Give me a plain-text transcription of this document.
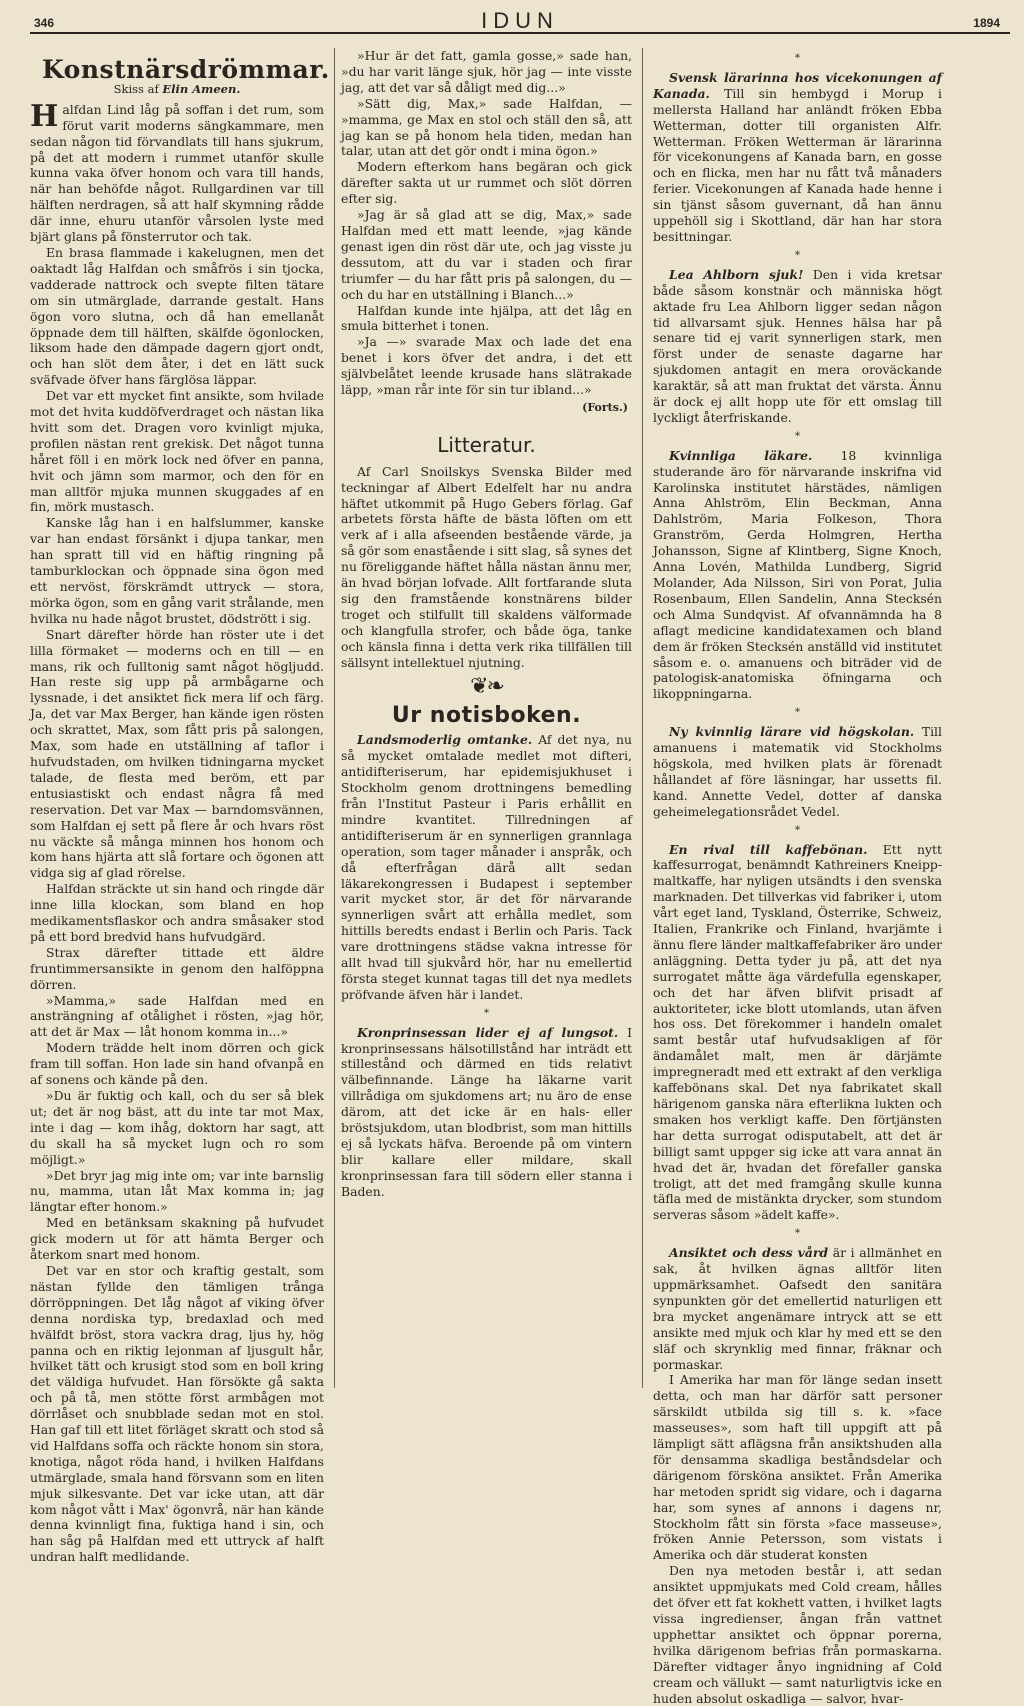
346	IDUN	1894
Konstnärsdrömmar.
Skiss af Elin Ameen.

Halfdan Lind låg på soffan i det rum, som förut varit moderns sängkammare, men sedan någon tid förvandlats till hans sjukrum, på det att modern i rummet utanför skulle kunna vaka öfver honom och vara till hands, när han behöfde något. Rullgardinen var till hälften nerdragen, så att half skymning rådde där inne, ehuru utanför vårsolen lyste med bjärt glans på fönsterrutor och tak.

En brasa flammade i kakelugnen, men det oaktadt låg Halfdan och småfrös i sin tjocka, vadderade nattrock och svepte filten tätare om sin utmärglade, darrande gestalt. Hans ögon voro slutna, och då han emellanåt öppnade dem till hälften, skälfde ögonlocken, liksom hade den dämpade dagern gjort ondt, och han slöt dem åter, i det en lätt suck sväfvade öfver hans färglösa läppar.

Det var ett mycket fint ansikte, som hvilade mot det hvita kuddöfverdraget och nästan lika hvitt som det. Dragen voro kvinligt mjuka, profilen nästan rent grekisk. Det något tunna håret föll i en mörk lock ned öfver en panna, hvit och jämn som marmor, och den för en man alltför mjuka munnen skuggades af en fin, mörk mustasch.

Kanske låg han i en halfslummer, kanske var han endast försänkt i djupa tankar, men han spratt till vid en häftig ringning på tamburklockan och öppnade sina ögon med ett nervöst, förskrämdt uttryck — stora, mörka ögon, som en gång varit strålande, men hvilka nu hade något brustet, dödstrött i sig.

Snart därefter hörde han röster ute i det lilla förmaket — moderns och en till — en mans, rik och fulltonig samt något högljudd. Han reste sig upp på armbågarne och lyssnade, i det ansiktet fick mera lif och färg. Ja, det var Max Berger, han kände igen rösten och skrattet, Max, som fått pris på salongen, Max, som hade en utställning af taflor i hufvudstaden, om hvilken tidningarna mycket talade, de flesta med beröm, ett par entusiastiskt och endast några få med reservation. Det var Max — barndomsvännen, som Halfdan ej sett på flere år och hvars röst nu väckte så många minnen hos honom och kom hans hjärta att slå fortare och ögonen att vidga sig af glad rörelse.

Halfdan sträckte ut sin hand och ringde där inne lilla klockan, som bland en hop medikamentsflaskor och andra småsaker stod på ett bord bredvid hans hufvudgärd.

Strax därefter tittade ett äldre fruntimmersansikte in genom den halföppna dörren.

»Mamma,» sade Halfdan med en ansträngning af otålighet i rösten, »jag hör, att det är Max — låt honom komma in...»

Modern trädde helt inom dörren och gick fram till soffan. Hon lade sin hand ofvanpå en af sonens och kände på den.

»Du är fuktig och kall, och du ser så blek ut; det är nog bäst, att du inte tar mot Max, inte i dag — kom ihåg, doktorn har sagt, att du skall ha så mycket lugn och ro som möjligt.»

»Det bryr jag mig inte om; var inte barnslig nu, mamma, utan låt Max komma in; jag längtar efter honom.»

Med en betänksam skakning på hufvudet gick modern ut för att hämta Berger och återkom snart med honom.

Det var en stor och kraftig gestalt, som nästan fyllde den tämligen trånga dörröppningen. Det låg något af viking öfver denna nordiska typ, bredaxlad och med hvälfdt bröst, stora vackra drag, ljus hy, hög panna och en riktig lejonman af ljusgult hår, hvilket tätt och krusigt stod som en boll kring det väldiga hufvudet. Han försökte gå sakta och på tå, men stötte först armbågen mot dörrlåset och snubblade sedan mot en stol. Han gaf till ett litet förläget skratt och stod så vid Halfdans soffa och räckte honom sin stora, knotiga, något röda hand, i hvilken Halfdans utmärglade, smala hand försvann som en liten mjuk silkesvante. Det var icke utan, att där kom något vått i Max' ögonvrå, när han kände denna kvinnligt fina, fuktiga hand i sin, och han såg på Halfdan med ett uttryck af halft undran halft medlidande.

»Hur är det fatt, gamla gosse,» sade han, »du har varit länge sjuk, hör jag — inte visste jag, att det var så dåligt med dig...»

»Sätt dig, Max,» sade Halfdan, — »mamma, ge Max en stol och ställ den så, att jag kan se på honom hela tiden, medan han talar, utan att det gör ondt i mina ögon.»

Modern efterkom hans begäran och gick därefter sakta ut ur rummet och slöt dörren efter sig.

»Jag är så glad att se dig, Max,» sade Halfdan med ett matt leende, »jag kände genast igen din röst där ute, och jag visste ju dessutom, att du var i staden och firar triumfer — du har fått pris på salongen, du — och du har en utställning i Blanch...»

Halfdan kunde inte hjälpa, att det låg en smula bitterhet i tonen.

»Ja —» svarade Max och lade det ena benet i kors öfver det andra, i det ett självbelåtet leende krusade hans slätrakade läpp, »man rår inte för sin tur ibland...»

(Forts.)
Litteratur.

Af Carl Snoilskys Svenska Bilder med teckningar af Albert Edelfelt har nu andra häftet utkommit på Hugo Gebers förlag. Gaf arbetets första häfte de bästa löften om ett verk af i alla afseenden bestående värde, ja så gör som enastående i sitt slag, så synes det nu föreliggande häftet hålla nästan ännu mer, än hvad början lofvade. Allt fortfarande sluta sig den framstående konstnärens bilder troget och stilfullt till skaldens välformade och klangfulla strofer, och både öga, tanke och känsla finna i detta verk rika tillfällen till sällsynt intellektuel njutning.

❦❧
Ur notisboken.

Landsmoderlig omtanke. Af det nya, nu så mycket omtalade medlet mot difteri, antidifteriserum, har epidemisjukhuset i Stockholm genom drottningens bemedling från l'Institut Pasteur i Paris erhållit en mindre kvantitet. Tillredningen af antidifteriserum är en synnerligen grannlaga operation, som tager månader i anspråk, och då efterfrågan därå allt sedan läkarekongressen i Budapest i september varit mycket stor, är det för närvarande synnerligen svårt att erhålla medlet, som hittills beredts endast i Berlin och Paris. Tack vare drottningens städse vakna intresse för allt hvad till sjukvård hör, har nu emellertid första steget kunnat tagas till det nya medlets pröfvande äfven här i landet.

*

Kronprinsessan lider ej af lungsot. I kronprinsessans hälsotillstånd har inträdt ett stillestånd och därmed en tids relativt välbefinnande. Länge ha läkarne varit villrådiga om sjukdomens art; nu äro de ense därom, att det icke är en hals- eller bröstsjukdom, utan blodbrist, som man hittills ej så lyckats häfva. Beroende på om vintern blir kallare eller mildare, skall kronprinsessan fara till södern eller stanna i Baden.

*

Svensk lärarinna hos vicekonungen af Kanada. Till sin hembygd i Morup i mellersta Halland har anländt fröken Ebba Wetterman, dotter till organisten Alfr. Wetterman. Fröken Wetterman är lärarinna för vicekonungens af Kanada barn, en gosse och en flicka, men har nu fått två månaders ferier. Vicekonungen af Kanada hade henne i sin tjänst såsom guvernant, då han ännu uppehöll sig i Skottland, där han har stora besittningar.

*

Lea Ahlborn sjuk! Den i vida kretsar både såsom konstnär och människa högt aktade fru Lea Ahlborn ligger sedan någon tid allvarsamt sjuk. Hennes hälsa har på senare tid ej varit synnerligen stark, men först under de senaste dagarne har sjukdomen antagit en mera oroväckande karaktär, så att man fruktat det värsta. Ännu är dock ej allt hopp ute för ett omslag till lyckligt återfriskande.

*

Kvinnliga läkare. 18 kvinnliga studerande äro för närvarande inskrifna vid Karolinska institutet härstädes, nämligen Anna Ahlström, Elin Beckman, Anna Dahlström, Maria Folkeson, Thora Granström, Gerda Holmgren, Hertha Johansson, Signe af Klintberg, Signe Knoch, Anna Lovén, Mathilda Lundberg, Sigrid Molander, Ada Nilsson, Siri von Porat, Julia Rosenbaum, Ellen Sandelin, Anna Stecksén och Alma Sundqvist. Af ofvannämnda ha 8 aflagt medicine kandidatexamen och bland dem är fröken Stecksén anställd vid institutet såsom e. o. amanuens och biträder vid de patologisk-anatomiska öfningarna och likoppningarna.

*

Ny kvinnlig lärare vid högskolan. Till amanuens i matematik vid Stockholms högskola, med hvilken plats är förenadt hållandet af före läsningar, har ussetts fil. kand. Annette Vedel, dotter af danska geheimelegationsrådet Vedel.

*

En rival till kaffebönan. Ett nytt kaffesurrogat, benämndt Kathreiners Kneipp-maltkaffe, har nyligen utsändts i den svenska marknaden. Det tillverkas vid fabriker i, utom vårt eget land, Tyskland, Österrike, Schweiz, Italien, Frankrike och Finland, hvarjämte i ännu flere länder maltkaffefabriker äro under anläggning. Detta tyder ju på, att det nya surrogatet måtte äga värdefulla egenskaper, och det har äfven blifvit prisadt af auktoriteter, icke blott utomlands, utan äfven hos oss. Det förekommer i handeln omalet samt består utaf hufvudsakligen af för ändamålet malt, men är därjämte impregneradt med ett extrakt af den verkliga kaffebönans skal. Det nya fabrikatet skall härigenom ganska nära efterlikna lukten och smaken hos verkligt kaffe. Den förtjänsten har detta surrogat odisputabelt, att det är billigt samt uppger sig icke att vara annat än hvad det är, hvadan det förefaller ganska troligt, att det med framgång skulle kunna täfla med de mistänkta drycker, som stundom serveras såsom »ädelt kaffe».

*

Ansiktet och dess vård är i allmänhet en sak, åt hvilken ägnas alltför liten uppmärksamhet. Oafsedt den sanitära synpunkten gör det emellertid naturligen ett bra mycket angenämare intryck att se ett ansikte med mjuk och klar hy med ett se den släf och skrynklig med finnar, fräknar och pormaskar.

I Amerika har man för länge sedan insett detta, och man har därför satt personer särskildt utbilda sig till s. k. »face masseuses», som haft till uppgift att på lämpligt sätt aflägsna från ansiktshuden alla för densamma skadliga beståndsdelar och därigenom försköna ansiktet. Från Amerika har metoden spridt sig vidare, och i dagarna har, som synes af annons i dagens nr, Stockholm fått sin första »face masseuse», fröken Annie Petersson, som vistats i Amerika och där studerat konsten

Den nya metoden består i, att sedan ansiktet uppmjukats med Cold cream, hålles det öfver ett fat kokhett vatten, i hvilket lagts vissa ingredienser, ångan från vattnet upphettar ansiktet och öppnar porerna, hvilka därigenom befrias från pormaskarna. Därefter vidtager ånyo ingnidning af Cold cream och vällukt — samt naturligtvis icke en huden absolut oskadliga — salvor, hvar-
